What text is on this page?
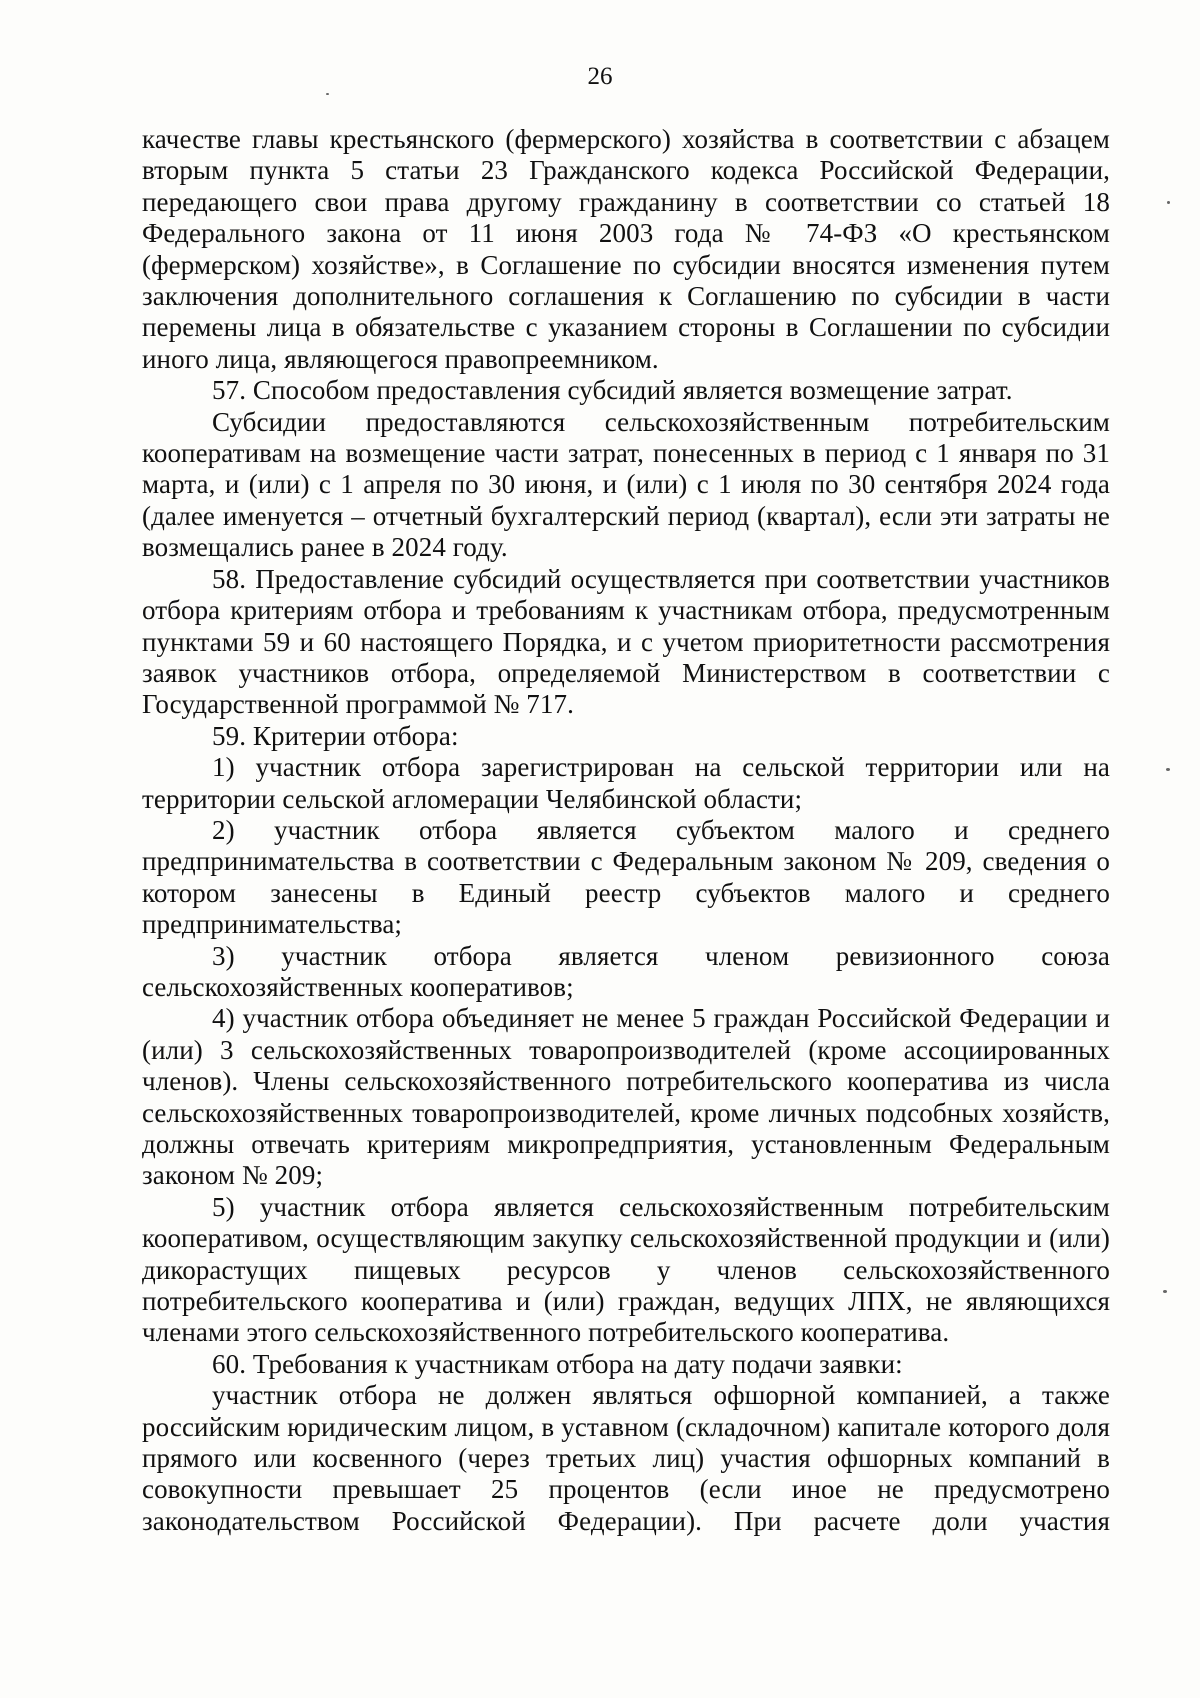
26

качестве главы крестьянского (фермерского) хозяйства в соответствии с абзацем вторым пункта 5 статьи 23 Гражданского кодекса Российской Федерации, передающего свои права другому гражданину в соответствии со статьей 18 Федерального закона от 11 июня 2003 года № 74-ФЗ «О крестьянском (фермерском) хозяйстве», в Соглашение по субсидии вносятся изменения путем заключения дополнительного соглашения к Соглашению по субсидии в части перемены лица в обязательстве с указанием стороны в Соглашении по субсидии иного лица, являющегося правопреемником.

57. Способом предоставления субсидий является возмещение затрат.

Субсидии предоставляются сельскохозяйственным потребительским кооперативам на возмещение части затрат, понесенных в период с 1 января по 31 марта, и (или) с 1 апреля по 30 июня, и (или) с 1 июля по 30 сентября 2024 года (далее именуется – отчетный бухгалтерский период (квартал), если эти затраты не возмещались ранее в 2024 году.

58. Предоставление субсидий осуществляется при соответствии участников отбора критериям отбора и требованиям к участникам отбора, предусмотренным пунктами 59 и 60 настоящего Порядка, и с учетом приоритетности рассмотрения заявок участников отбора, определяемой Министерством в соответствии с Государственной программой № 717.

59. Критерии отбора:

1) участник отбора зарегистрирован на сельской территории или на территории сельской агломерации Челябинской области;

2) участник отбора является субъектом малого и среднего предпринимательства в соответствии с Федеральным законом № 209, сведения о котором занесены в Единый реестр субъектов малого и среднего предпринимательства;

3) участник отбора является членом ревизионного союза сельскохозяйственных кооперативов;

4) участник отбора объединяет не менее 5 граждан Российской Федерации и (или) 3 сельскохозяйственных товаропроизводителей (кроме ассоциированных членов). Члены сельскохозяйственного потребительского кооператива из числа сельскохозяйственных товаропроизводителей, кроме личных подсобных хозяйств, должны отвечать критериям микропредприятия, установленным Федеральным законом № 209;

5) участник отбора является сельскохозяйственным потребительским кооперативом, осуществляющим закупку сельскохозяйственной продукции и (или) дикорастущих пищевых ресурсов у членов сельскохозяйственного потребительского кооператива и (или) граждан, ведущих ЛПХ, не являющихся членами этого сельскохозяйственного потребительского кооператива.

60. Требования к участникам отбора на дату подачи заявки:

участник отбора не должен являться офшорной компанией, а также российским юридическим лицом, в уставном (складочном) капитале которого доля прямого или косвенного (через третьих лиц) участия офшорных компаний в совокупности превышает 25 процентов (если иное не предусмотрено законодательством Российской Федерации). При расчете доли участия
